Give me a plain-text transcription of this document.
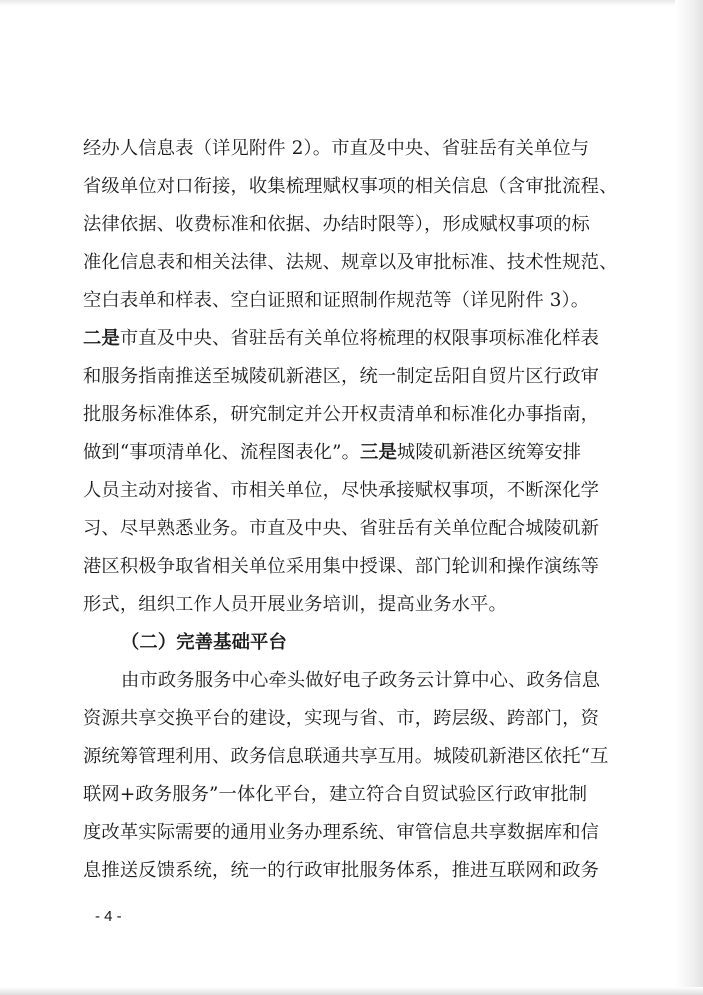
经办人信息表（详见附件 2）。市直及中央、省驻岳有关单位与
省级单位对口衔接，收集梳理赋权事项的相关信息（含审批流程、
法律依据、收费标准和依据、办结时限等），形成赋权事项的标
准化信息表和相关法律、法规、规章以及审批标准、技术性规范、
空白表单和样表、空白证照和证照制作规范等（详见附件 3）。
二是市直及中央、省驻岳有关单位将梳理的权限事项标准化样表
和服务指南推送至城陵矶新港区，统一制定岳阳自贸片区行政审
批服务标准体系，研究制定并公开权责清单和标准化办事指南，
做到“事项清单化、流程图表化”。三是城陵矶新港区统筹安排
人员主动对接省、市相关单位，尽快承接赋权事项，不断深化学
习、尽早熟悉业务。市直及中央、省驻岳有关单位配合城陵矶新
港区积极争取省相关单位采用集中授课、部门轮训和操作演练等
形式，组织工作人员开展业务培训，提高业务水平。
（二）完善基础平台
由市政务服务中心牵头做好电子政务云计算中心、政务信息
资源共享交换平台的建设，实现与省、市，跨层级、跨部门，资
源统筹管理利用、政务信息联通共享互用。城陵矶新港区依托“互
联网+政务服务”一体化平台，建立符合自贸试验区行政审批制
度改革实际需要的通用业务办理系统、审管信息共享数据库和信
息推送反馈系统，统一的行政审批服务体系，推进互联网和政务
- 4 -
